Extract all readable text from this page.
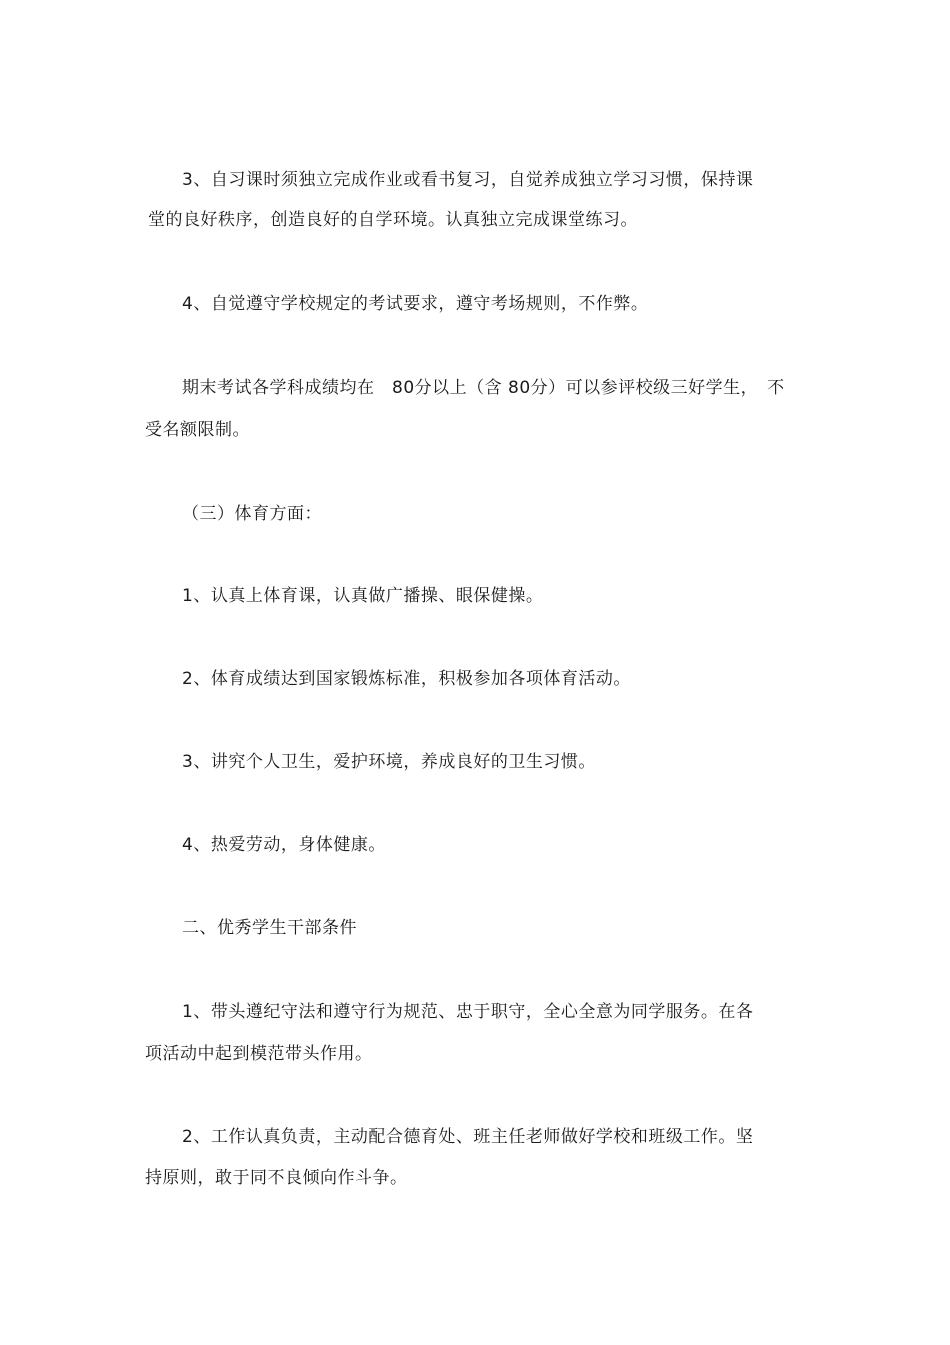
3、自习课时须独立完成作业或看书复习，自觉养成独立学习习惯，保持课
堂的良好秩序，创造良好的自学环境。认真独立完成课堂练习。
4、自觉遵守学校规定的考试要求，遵守考场规则，不作弊。
期末考试各学科成绩均在　80分以上（含 80分）可以参评校级三好学生，　不
受名额限制。
（三）体育方面：
1、认真上体育课，认真做广播操、眼保健操。
2、体育成绩达到国家锻炼标准，积极参加各项体育活动。
3、讲究个人卫生，爱护环境，养成良好的卫生习惯。
4、热爱劳动，身体健康。
二、优秀学生干部条件
1、带头遵纪守法和遵守行为规范、忠于职守，全心全意为同学服务。在各
项活动中起到模范带头作用。
2、工作认真负责，主动配合德育处、班主任老师做好学校和班级工作。坚
持原则，敢于同不良倾向作斗争。
